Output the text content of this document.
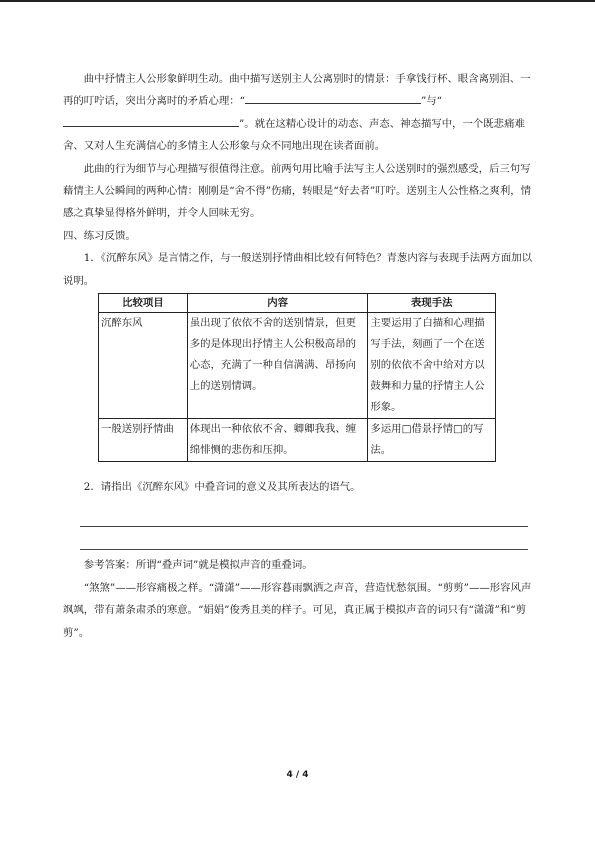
曲中抒情主人公形象鲜明生动。曲中描写送别主人公离别时的情景：手拿饯行杯、眼含离别泪、一再的叮咛话，突出分离时的矛盾心理：“	”与“”。就在这精心设计的动态、声态、神态描写中，一个既悲痛难舍、又对人生充满信心的多情主人公形象与众不同地出现在读者面前。

此曲的行为细节与心理描写很值得注意。前两句用比喻手法写主人公送别时的强烈感受，后三句写藉情主人公瞬间的两种心情：刚刚是“舍不得”伤痛，转眼是“好去者”叮咛。送别主人公性格之爽利，情感之真挚显得格外鲜明，并令人回味无穷。

四、练习反馈。

1．《沉醉东风》是言情之作，与一般送别抒情曲相比较有何特色？青葱内容与表现手法两方面加以说明。

比较项目	内容	表现手法
沉醉东风	虽出现了依依不舍的送别情景，但更多的是体现出抒情主人公积极高昂的心态，充满了一种自信满满、昂扬向上的送别情调。	主要运用了白描和心理描写手法，刻画了一个在送别的依依不舍中给对方以鼓舞和力量的抒情主人公形象。
一般送别抒情曲	体现出一种依依不舍、卿卿我我、缠绵悱恻的悲伤和压抑。	多运用□借景抒情□的写法。

2．请指出《沉醉东风》中叠音词的意义及其所表达的语气。

参考答案：所谓“叠声词”就是模拟声音的重叠词。

“煞煞”——形容痛极之样。“潇潇”——形容暮雨飘洒之声音，营造忧愁氛围。“剪剪”——形容风声飒飒，带有萧条肃杀的寒意。“娟娟”俊秀且美的样子。可见，真正属于模拟声音的词只有“潇潇”和“剪剪”。

4 / 4
